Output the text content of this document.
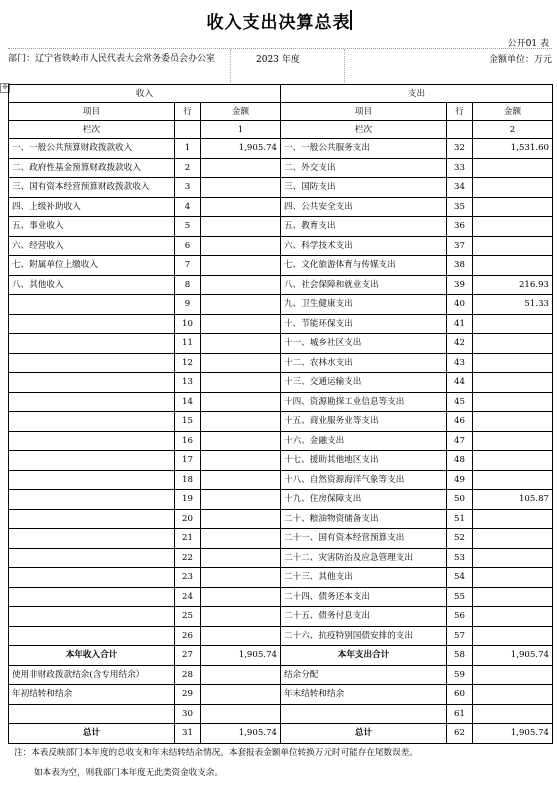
收入支出决算总表
公开01 表
部门：辽宁省铁岭市人民代表大会常务委员会办公室	2023 年度	金额单位：万元
✥
收入			支出		
项目	行	金额	项目	行	金额
栏次		1	栏次		2
一、一般公共预算财政拨款收入	1	1,905.74	一、一般公共服务支出	32	1,531.60
二、政府性基金预算财政拨款收入	2		二、外交支出	33	
三、国有资本经营预算财政拨款收入	3		三、国防支出	34	
四、上级补助收入	4		四、公共安全支出	35	
五、事业收入	5		五、教育支出	36	
六、经营收入	6		六、科学技术支出	37	
七、附属单位上缴收入	7		七、文化旅游体育与传媒支出	38	
八、其他收入	8		八、社会保障和就业支出	39	216.93
	9		九、卫生健康支出	40	51.33
	10		十、节能环保支出	41	
	11		十一、城乡社区支出	42	
	12		十二、农林水支出	43	
	13		十三、交通运输支出	44	
	14		十四、资源勘探工业信息等支出	45	
	15		十五、商业服务业等支出	46	
	16		十六、金融支出	47	
	17		十七、援助其他地区支出	48	
	18		十八、自然资源海洋气象等支出	49	
	19		十九、住房保障支出	50	105.87
	20		二十、粮油物资储备支出	51	
	21		二十一、国有资本经营预算支出	52	
	22		二十二、灾害防治及应急管理支出	53	
	23		二十三、其他支出	54	
	24		二十四、债务还本支出	55	
	25		二十五、债务付息支出	56	
	26		二十六、抗疫特别国债安排的支出	57	
本年收入合计	27	1,905.74	本年支出合计	58	1,905.74
使用非财政拨款结余(含专用结余）	28		结余分配	59	
年初结转和结余	29		年末结转和结余	60	
	30			61	
总计	31	1,905.74	总计	62	1,905.74
注：本表反映部门本年度的总收支和年末结转结余情况。本套报表金额单位转换万元时可能存在尾数误差。
如本表为空，则我部门本年度无此类资金收支余。
